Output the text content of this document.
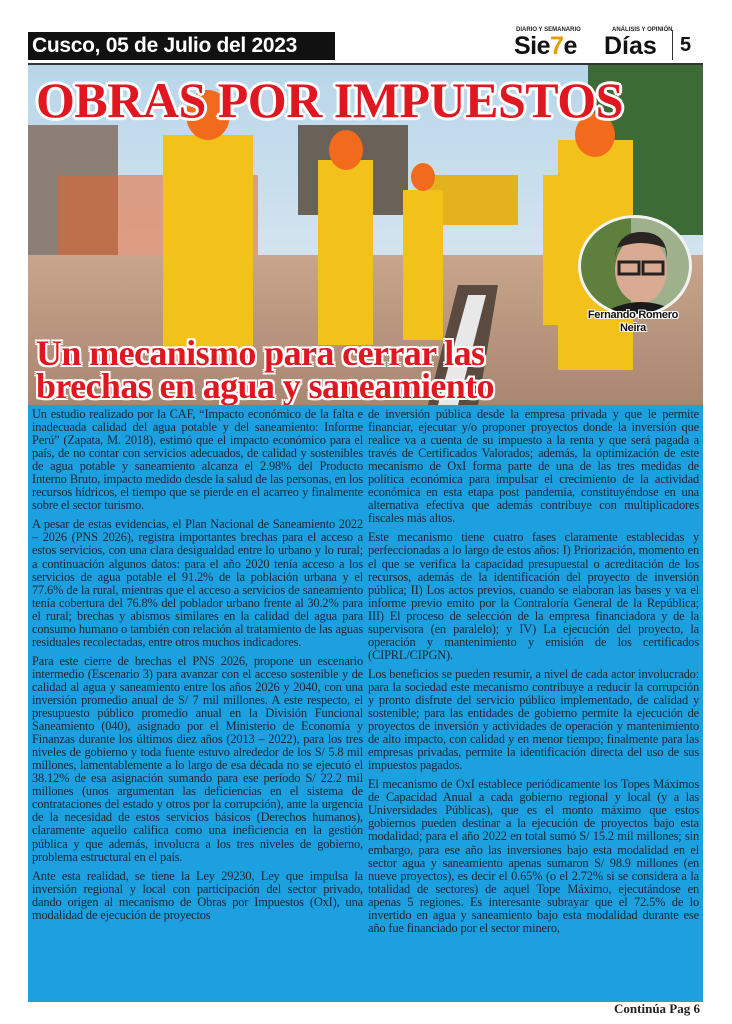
Cusco, 05 de Julio del 2023
DIARIO Y SEMANARIO	ANÁLISIS Y OPINIÓN
Sie7e Días 5
OBRAS POR IMPUESTOS
Fernando Romero
Neira
Un mecanismo para cerrar las
brechas en agua y saneamiento

Un estudio realizado por la CAF, “Impacto económico de la falta e inadecuada calidad del agua potable y del saneamiento: Informe Perú” (Zapata, M. 2018), estimó que el impacto económico para el país, de no contar con servicios adecuados, de calidad y sostenibles de agua potable y saneamiento alcanza el 2.98% del Producto Interno Bruto, impacto medido desde la salud de las personas, en los recursos hídricos, el tiempo que se pierde en el acarreo y finalmente sobre el sector turismo.

A pesar de estas evidencias, el Plan Nacional de Saneamiento 2022 – 2026 (PNS 2026), registra importantes brechas para el acceso a estos servicios, con una clara desigualdad entre lo urbano y lo rural; a continuación algunos datos: para el año 2020 tenía acceso a los servicios de agua potable el 91.2% de la población urbana y el 77.6% de la rural, mientras que el acceso a servicios de saneamiento tenía cobertura del 76.8% del poblador urbano frente al 30.2% para el rural; brechas y abismos similares en la calidad del agua para consumo humano o también con relación al tratamiento de las aguas residuales recolectadas, entre otros muchos indicadores.

Para este cierre de brechas el PNS 2026, propone un escenario intermedio (Escenario 3) para avanzar con el acceso sostenible y de calidad al agua y saneamiento entre los años 2026 y 2040, con una inversión promedio anual de S/ 7 mil millones. A este respecto, el presupuesto público promedio anual en la División Funcional Saneamiento (040), asignado por el Ministerio de Economía y Finanzas durante los últimos diez años (2013 – 2022), para los tres niveles de gobierno y toda fuente estuvo alrededor de los S/ 5.8 mil millones, lamentablemente a lo largo de esa década no se ejecutó el 38.12% de esa asignación sumando para ese período S/ 22.2 mil millones (unos argumentan las deficiencias en el sistema de contrataciones del estado y otros por la corrupción), ante la urgencia de la necesidad de estos servicios básicos (Derechos humanos), claramente aquello califica como una ineficiencia en la gestión pública y que además, involucra a los tres niveles de gobierno, problema estructural en el país.

Ante esta realidad, se tiene la Ley 29230, Ley que impulsa la inversión regional y local con participación del sector privado, dando origen al mecanismo de Obras por Impuestos (OxI), una modalidad de ejecución de proyectos

de inversión pública desde la empresa privada y que le permite financiar, ejecutar y/o proponer proyectos donde la inversión que realice va a cuenta de su impuesto a la renta y que será pagada a través de Certificados Valorados; además, la optimización de este mecanismo de OxI forma parte de una de las tres medidas de política económica para impulsar el crecimiento de la actividad económica en esta etapa post pandemia, constituyéndose en una alternativa efectiva que además contribuye con multiplicadores fiscales más altos.

Este mecanismo tiene cuatro fases claramente establecidas y perfeccionadas a lo largo de estos años: I) Priorización, momento en el que se verifica la capacidad presupuestal o acreditación de los recursos, además de la identificación del proyecto de inversión pública; II) Los actos previos, cuando se elaboran las bases y va el informe previo emito por la Contraloría General de la República; III) El proceso de selección de la empresa financiadora y de la supervisora (en paralelo); y IV) La ejecución del proyecto, la operación y mantenimiento y emisión de los certificados (CIPRL/CIPGN).

Los beneficios se pueden resumir, a nivel de cada actor involucrado: para la sociedad este mecanismo contribuye a reducir la corrupción y pronto disfrute del servicio público implementado, de calidad y sostenible; para las entidades de gobierno permite la ejecución de proyectos de inversión y actividades de operación y mantenimiento de alto impacto, con calidad y en menor tiempo; finalmente para las empresas privadas, permite la identificación directa del uso de sus impuestos pagados.

El mecanismo de OxI establece periódicamente los Topes Máximos de Capacidad Anual a cada gobierno regional y local (y a las Universidades Públicas), que es el monto máximo que estos gobiernos pueden destinar a la ejecución de proyectos bajo esta modalidad; para el año 2022 en total sumó S/ 15.2 mil millones; sin embargo, para ese año las inversiones bajo esta modalidad en el sector agua y saneamiento apenas sumaron S/ 98.9 millones (en nueve proyectos), es decir el 0.65% (o el 2.72% si se considera a la totalidad de sectores) de aquel Tope Máximo, ejecutándose en apenas 5 regiones. Es interesante subrayar que el 72.5% de lo invertido en agua y saneamiento bajo esta modalidad durante ese año fue financiado por el sector minero,

Continúa Pag 6
